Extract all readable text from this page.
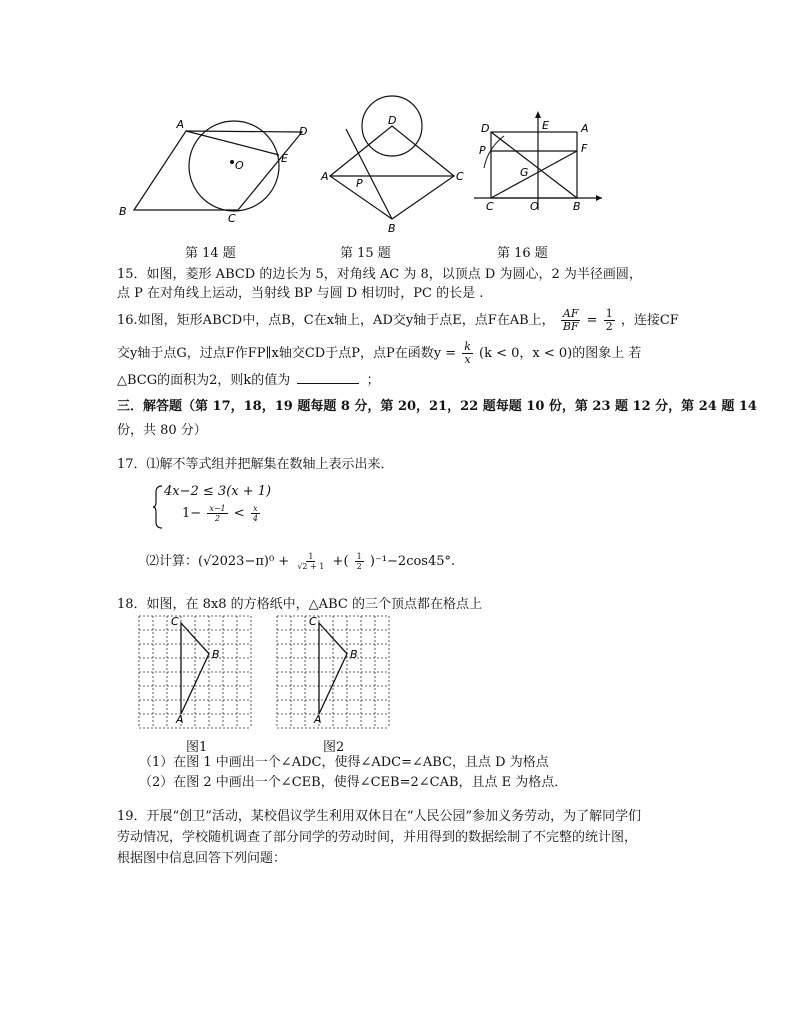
A
B
C
D
E
O
第 14 题
D
A
P
C
B
第 15 题
D	E	A
P	F
G
C	O	B
第 16 题
15．如图，菱形 ABCD 的边长为 5，对角线 AC 为 8，以顶点 D 为圆心，2 为半径画圆，
点 P 在对角线上运动，当射线 BP 与圆 D 相切时，PC 的长是 .
16.如图，矩形ABCD中，点B，C在x轴上，AD交y轴于点E，点F在AB上， $\frac{AF}{BF} = \frac{1}{2}$ ，连接CF
交y轴于点G，过点F作FP∥x轴交CD于点P，点P在函数$y = \frac{k}{x} (k < 0$，x < 0)的图象上 若
△BCG的面积为2，则k的值为	；
三．解答题（第 17，18，19 题每题 8 分，第 20，21，22 题每题 10 份，第 23 题 12 分，第 24 题 14
份，共 80 分）
17．⑴解不等式组并把解集在数轴上表示出来．
4x−2 ≤ 3(x + 1)
$1- \frac{x-1}{2} < \frac{x}{4}$
⑵计算：$(√2023-\pi)^0 + \frac{1}{√2 + 1}$ +( $\frac{1}{2} )^{-1}-2\cos 45^\circ$.
18．如图，在 8x8 的方格纸中，△ABC 的三个顶点都在格点上
C
B
A
C
B
A
图1	图2
（1）在图 1 中画出一个∠ADC，使得∠ADC=∠ABC，且点 D 为格点
（2）在图 2 中画出一个∠CEB，使得∠CEB=2∠CAB，且点 E 为格点．
19．开展“创卫”活动，某校倡议学生利用双休日在“人民公园”参加义务劳动，为了解同学们
劳动情况，学校随机调查了部分同学的劳动时间，并用得到的数据绘制了不完整的统计图，
根据图中信息回答下列问题：
